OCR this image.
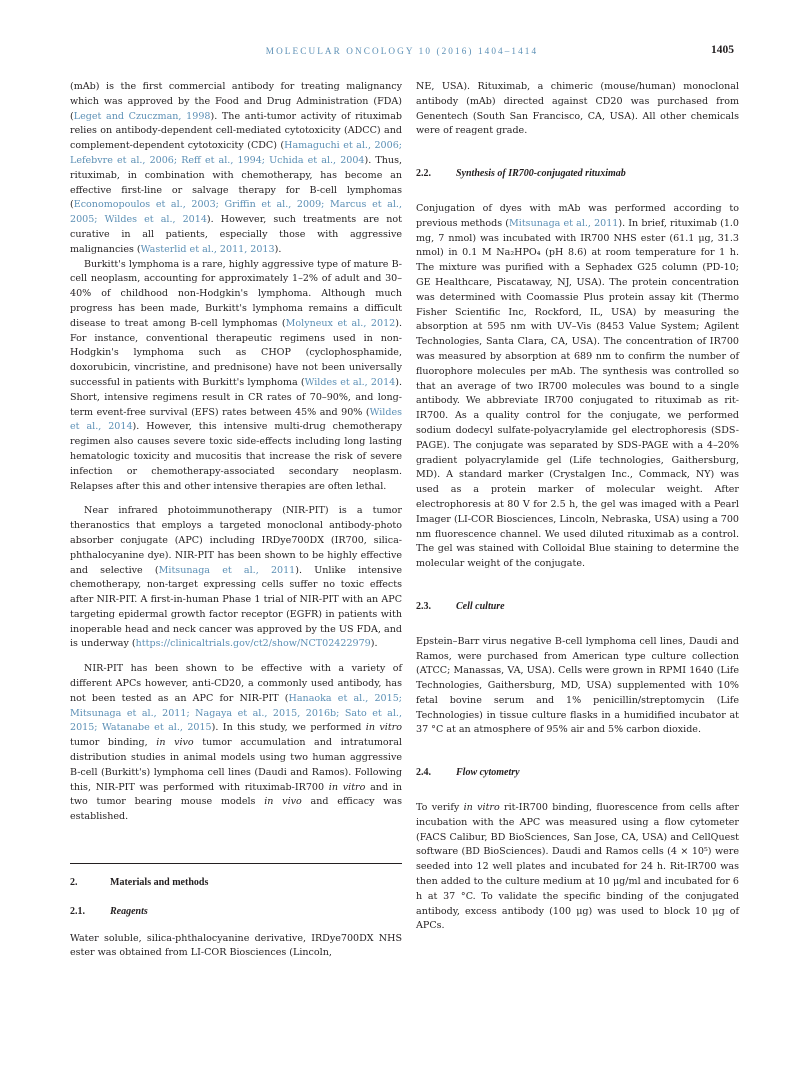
MOLECULAR ONCOLOGY 10 (2016) 1404–1414	1405

(mAb) is the first commercial antibody for treating malignancy which was approved by the Food and Drug Administration (FDA) (Leget and Czuczman, 1998). The anti-tumor activity of rituximab relies on antibody-dependent cell-mediated cytotoxicity (ADCC) and complement-dependent cytotoxicity (CDC) (Hamaguchi et al., 2006; Lefebvre et al., 2006; Reff et al., 1994; Uchida et al., 2004). Thus, rituximab, in combination with chemotherapy, has become an effective first-line or salvage therapy for B-cell lymphomas (Economopoulos et al., 2003; Griffin et al., 2009; Marcus et al., 2005; Wildes et al., 2014). However, such treatments are not curative in all patients, especially those with aggressive malignancies (Wasterlid et al., 2011, 2013).

Burkitt's lymphoma is a rare, highly aggressive type of mature B-cell neoplasm, accounting for approximately 1–2% of adult and 30–40% of childhood non-Hodgkin's lymphoma. Although much progress has been made, Burkitt's lymphoma remains a difficult disease to treat among B-cell lymphomas (Molyneux et al., 2012). For instance, conventional therapeutic regimens used in non-Hodgkin's lymphoma such as CHOP (cyclophosphamide, doxorubicin, vincristine, and prednisone) have not been universally successful in patients with Burkitt's lymphoma (Wildes et al., 2014). Short, intensive regimens result in CR rates of 70–90%, and long-term event-free survival (EFS) rates between 45% and 90% (Wildes et al., 2014). However, this intensive multi-drug chemotherapy regimen also causes severe toxic side-effects including long lasting hematologic toxicity and mucositis that increase the risk of severe infection or chemotherapy-associated secondary neoplasm. Relapses after this and other intensive therapies are often lethal.

Near infrared photoimmunotherapy (NIR-PIT) is a tumor theranostics that employs a targeted monoclonal antibody-photo absorber conjugate (APC) including IRDye700DX (IR700, silica-phthalocyanine dye). NIR-PIT has been shown to be highly effective and selective (Mitsunaga et al., 2011). Unlike intensive chemotherapy, non-target expressing cells suffer no toxic effects after NIR-PIT. A first-in-human Phase 1 trial of NIR-PIT with an APC targeting epidermal growth factor receptor (EGFR) in patients with inoperable head and neck cancer was approved by the US FDA, and is underway (https://clinicaltrials.gov/ct2/show/NCT02422979).

NIR-PIT has been shown to be effective with a variety of different APCs however, anti-CD20, a commonly used antibody, has not been tested as an APC for NIR-PIT (Hanaoka et al., 2015; Mitsunaga et al., 2011; Nagaya et al., 2015, 2016b; Sato et al., 2015; Watanabe et al., 2015). In this study, we performed in vitro tumor binding, in vivo tumor accumulation and intratumoral distribution studies in animal models using two human aggressive B-cell (Burkitt's) lymphoma cell lines (Daudi and Ramos). Following this, NIR-PIT was performed with rituximab-IR700 in vitro and in two tumor bearing mouse models in vivo and efficacy was established.

2.	Materials and methods
2.1.	Reagents

Water soluble, silica-phthalocyanine derivative, IRDye700DX NHS ester was obtained from LI-COR Biosciences (Lincoln,

NE, USA). Rituximab, a chimeric (mouse/human) monoclonal antibody (mAb) directed against CD20 was purchased from Genentech (South San Francisco, CA, USA). All other chemicals were of reagent grade.

2.2.	Synthesis of IR700-conjugated rituximab

Conjugation of dyes with mAb was performed according to previous methods (Mitsunaga et al., 2011). In brief, rituximab (1.0 mg, 7 nmol) was incubated with IR700 NHS ester (61.1 μg, 31.3 nmol) in 0.1 M Na₂HPO₄ (pH 8.6) at room temperature for 1 h. The mixture was purified with a Sephadex G25 column (PD-10; GE Healthcare, Piscataway, NJ, USA). The protein concentration was determined with Coomassie Plus protein assay kit (Thermo Fisher Scientific Inc, Rockford, IL, USA) by measuring the absorption at 595 nm with UV–Vis (8453 Value System; Agilent Technologies, Santa Clara, CA, USA). The concentration of IR700 was measured by absorption at 689 nm to confirm the number of fluorophore molecules per mAb. The synthesis was controlled so that an average of two IR700 molecules was bound to a single antibody. We abbreviate IR700 conjugated to rituximab as rit-IR700. As a quality control for the conjugate, we performed sodium dodecyl sulfate-polyacrylamide gel electrophoresis (SDS-PAGE). The conjugate was separated by SDS-PAGE with a 4–20% gradient polyacrylamide gel (Life technologies, Gaithersburg, MD). A standard marker (Crystalgen Inc., Commack, NY) was used as a protein marker of molecular weight. After electrophoresis at 80 V for 2.5 h, the gel was imaged with a Pearl Imager (LI-COR Biosciences, Lincoln, Nebraska, USA) using a 700 nm fluorescence channel. We used diluted rituximab as a control. The gel was stained with Colloidal Blue staining to determine the molecular weight of the conjugate.

2.3.	Cell culture

Epstein–Barr virus negative B-cell lymphoma cell lines, Daudi and Ramos, were purchased from American type culture collection (ATCC; Manassas, VA, USA). Cells were grown in RPMI 1640 (Life Technologies, Gaithersburg, MD, USA) supplemented with 10% fetal bovine serum and 1% penicillin/streptomycin (Life Technologies) in tissue culture flasks in a humidified incubator at 37 °C at an atmosphere of 95% air and 5% carbon dioxide.

2.4.	Flow cytometry

To verify in vitro rit-IR700 binding, fluorescence from cells after incubation with the APC was measured using a flow cytometer (FACS Calibur, BD BioSciences, San Jose, CA, USA) and CellQuest software (BD BioSciences). Daudi and Ramos cells (4 × 10⁵) were seeded into 12 well plates and incubated for 24 h. Rit-IR700 was then added to the culture medium at 10 μg/ml and incubated for 6 h at 37 °C. To validate the specific binding of the conjugated antibody, excess antibody (100 μg) was used to block 10 μg of APCs.
